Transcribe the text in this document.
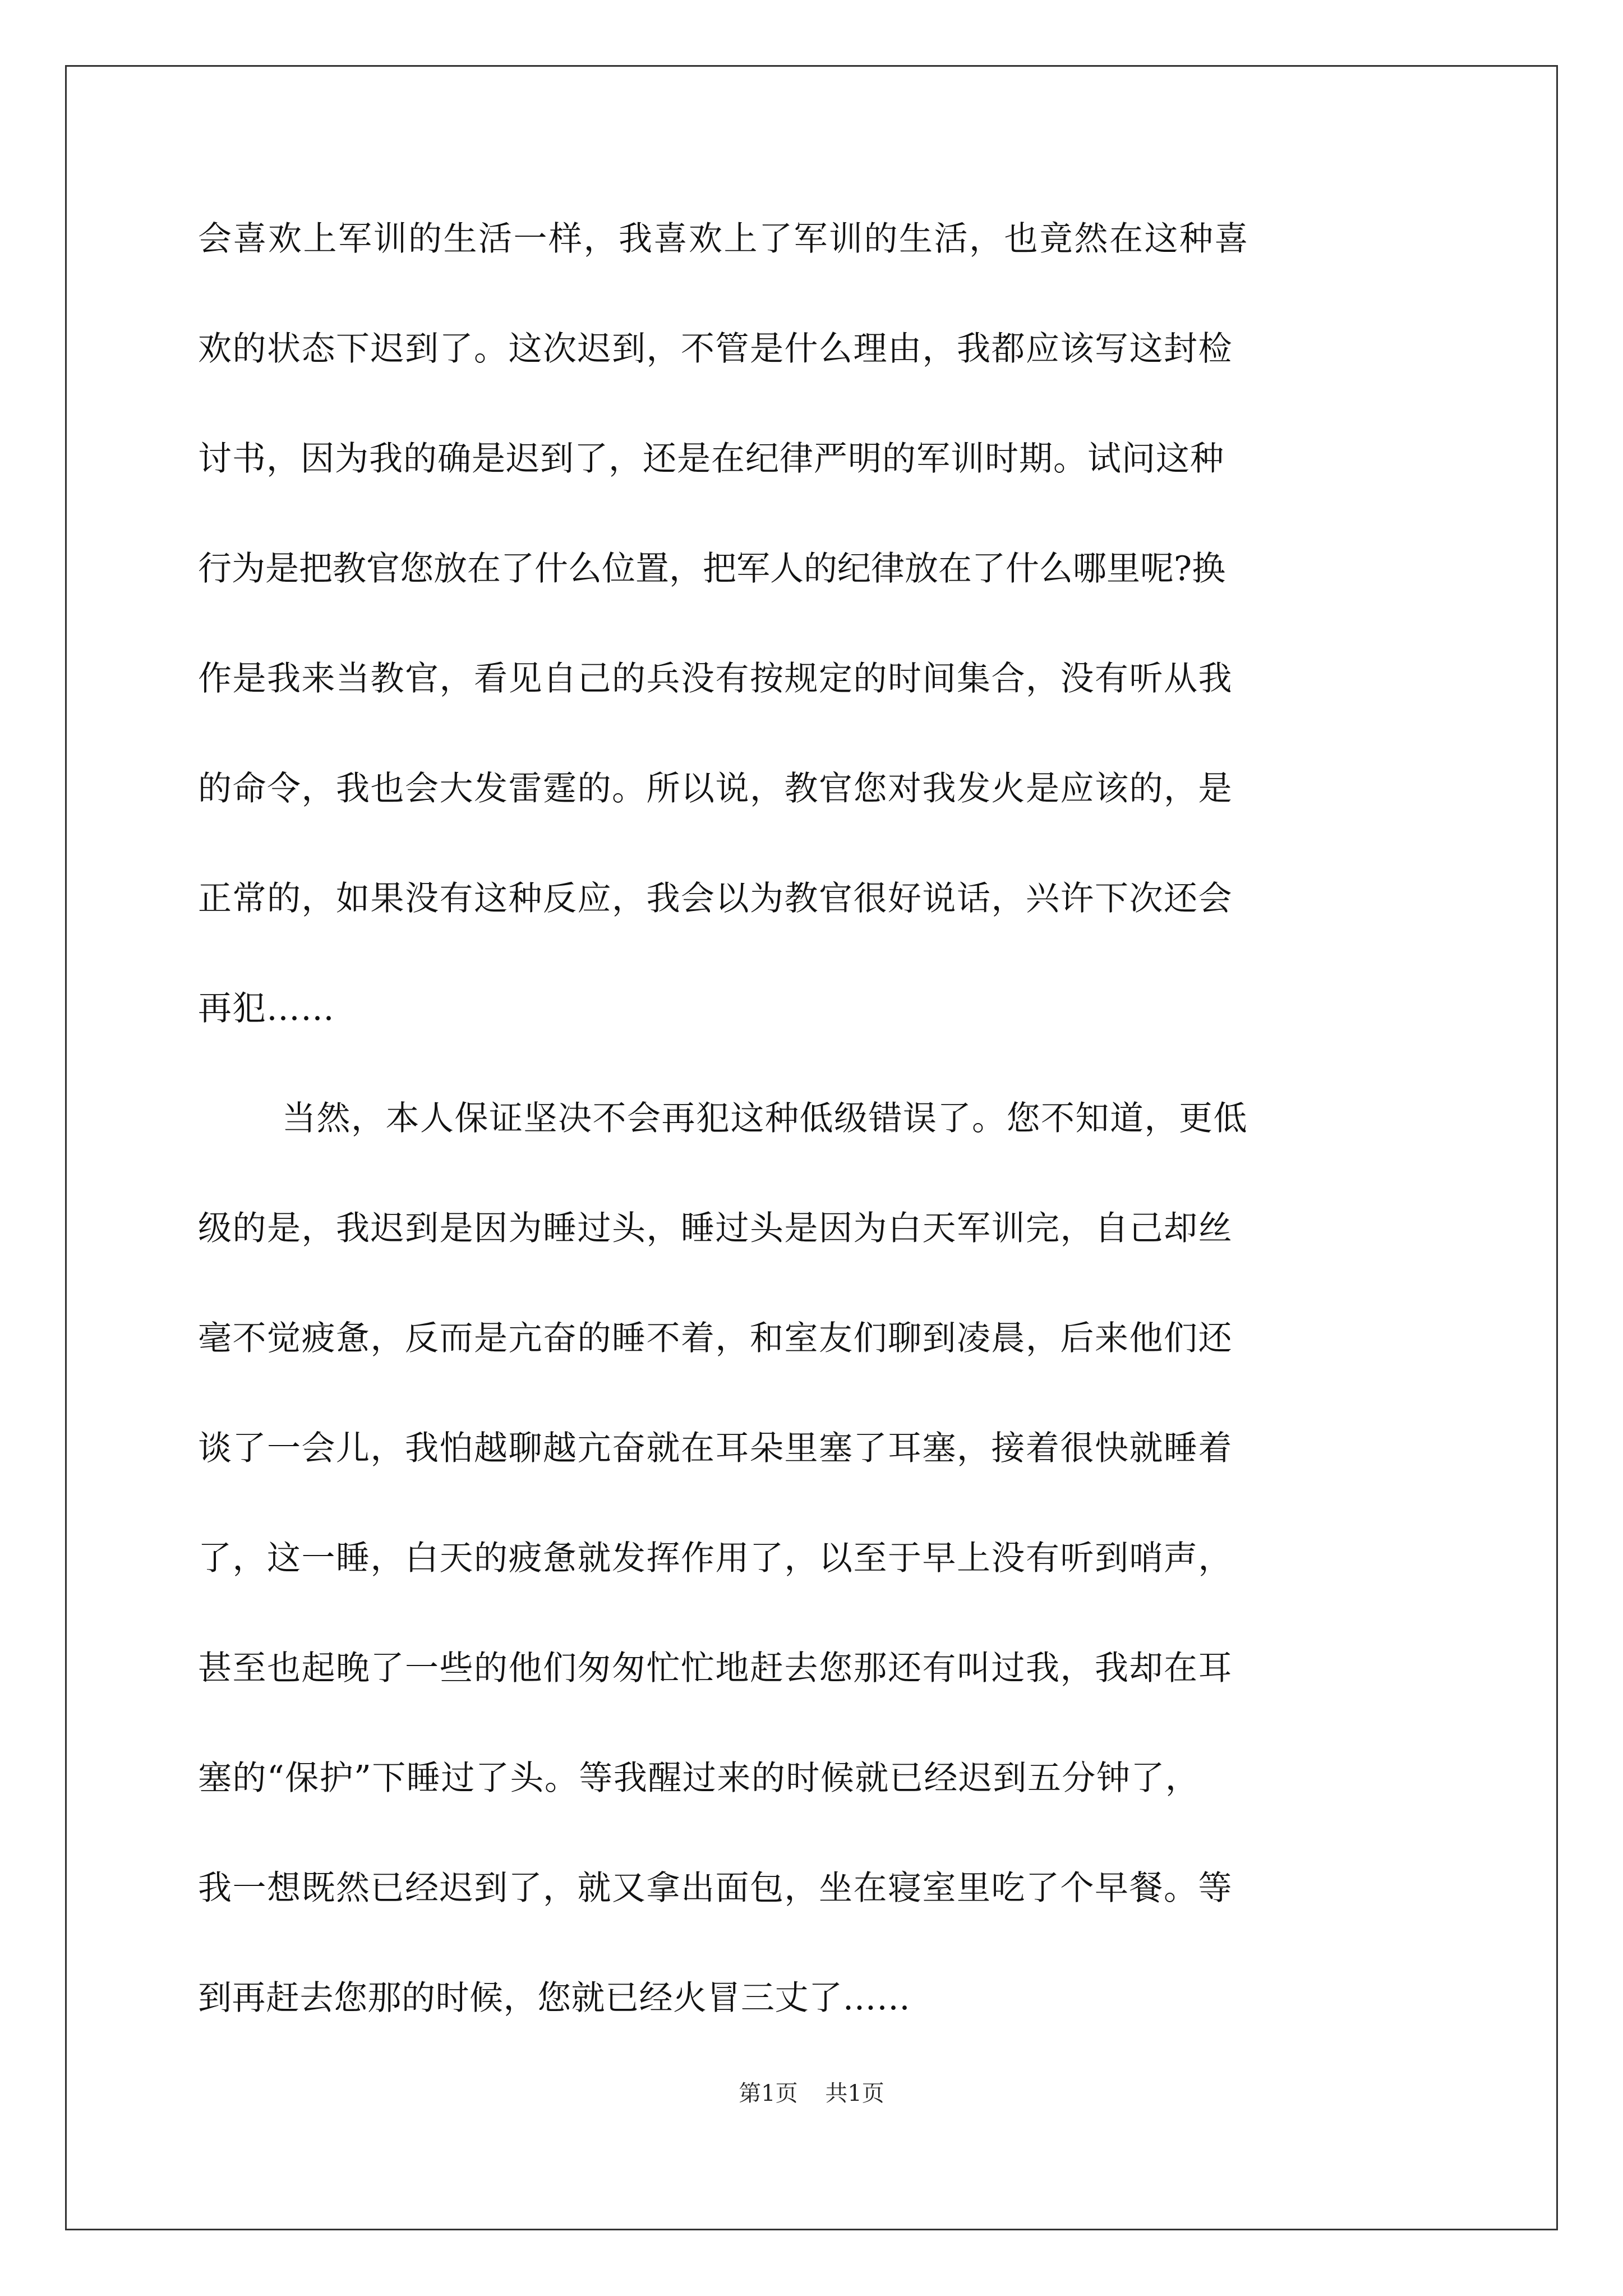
会喜欢上军训的生活一样，我喜欢上了军训的生活，也竟然在这种喜
欢的状态下迟到了。这次迟到，不管是什么理由，我都应该写这封检
讨书，因为我的确是迟到了，还是在纪律严明的军训时期。试问这种
行为是把教官您放在了什么位置，把军人的纪律放在了什么哪里呢?换
作是我来当教官，看见自己的兵没有按规定的时间集合，没有听从我
的命令，我也会大发雷霆的。所以说，教官您对我发火是应该的，是
正常的，如果没有这种反应，我会以为教官很好说话，兴许下次还会
再犯……
当然，本人保证坚决不会再犯这种低级错误了。您不知道，更低
级的是，我迟到是因为睡过头，睡过头是因为白天军训完，自己却丝
毫不觉疲惫，反而是亢奋的睡不着，和室友们聊到凌晨，后来他们还
谈了一会儿，我怕越聊越亢奋就在耳朵里塞了耳塞，接着很快就睡着
了，这一睡，白天的疲惫就发挥作用了，以至于早上没有听到哨声，
甚至也起晚了一些的他们匆匆忙忙地赶去您那还有叫过我，我却在耳
塞的“保护”下睡过了头。等我醒过来的时候就已经迟到五分钟了，
我一想既然已经迟到了，就又拿出面包，坐在寝室里吃了个早餐。等
到再赶去您那的时候，您就已经火冒三丈了……
第1页 共1页
